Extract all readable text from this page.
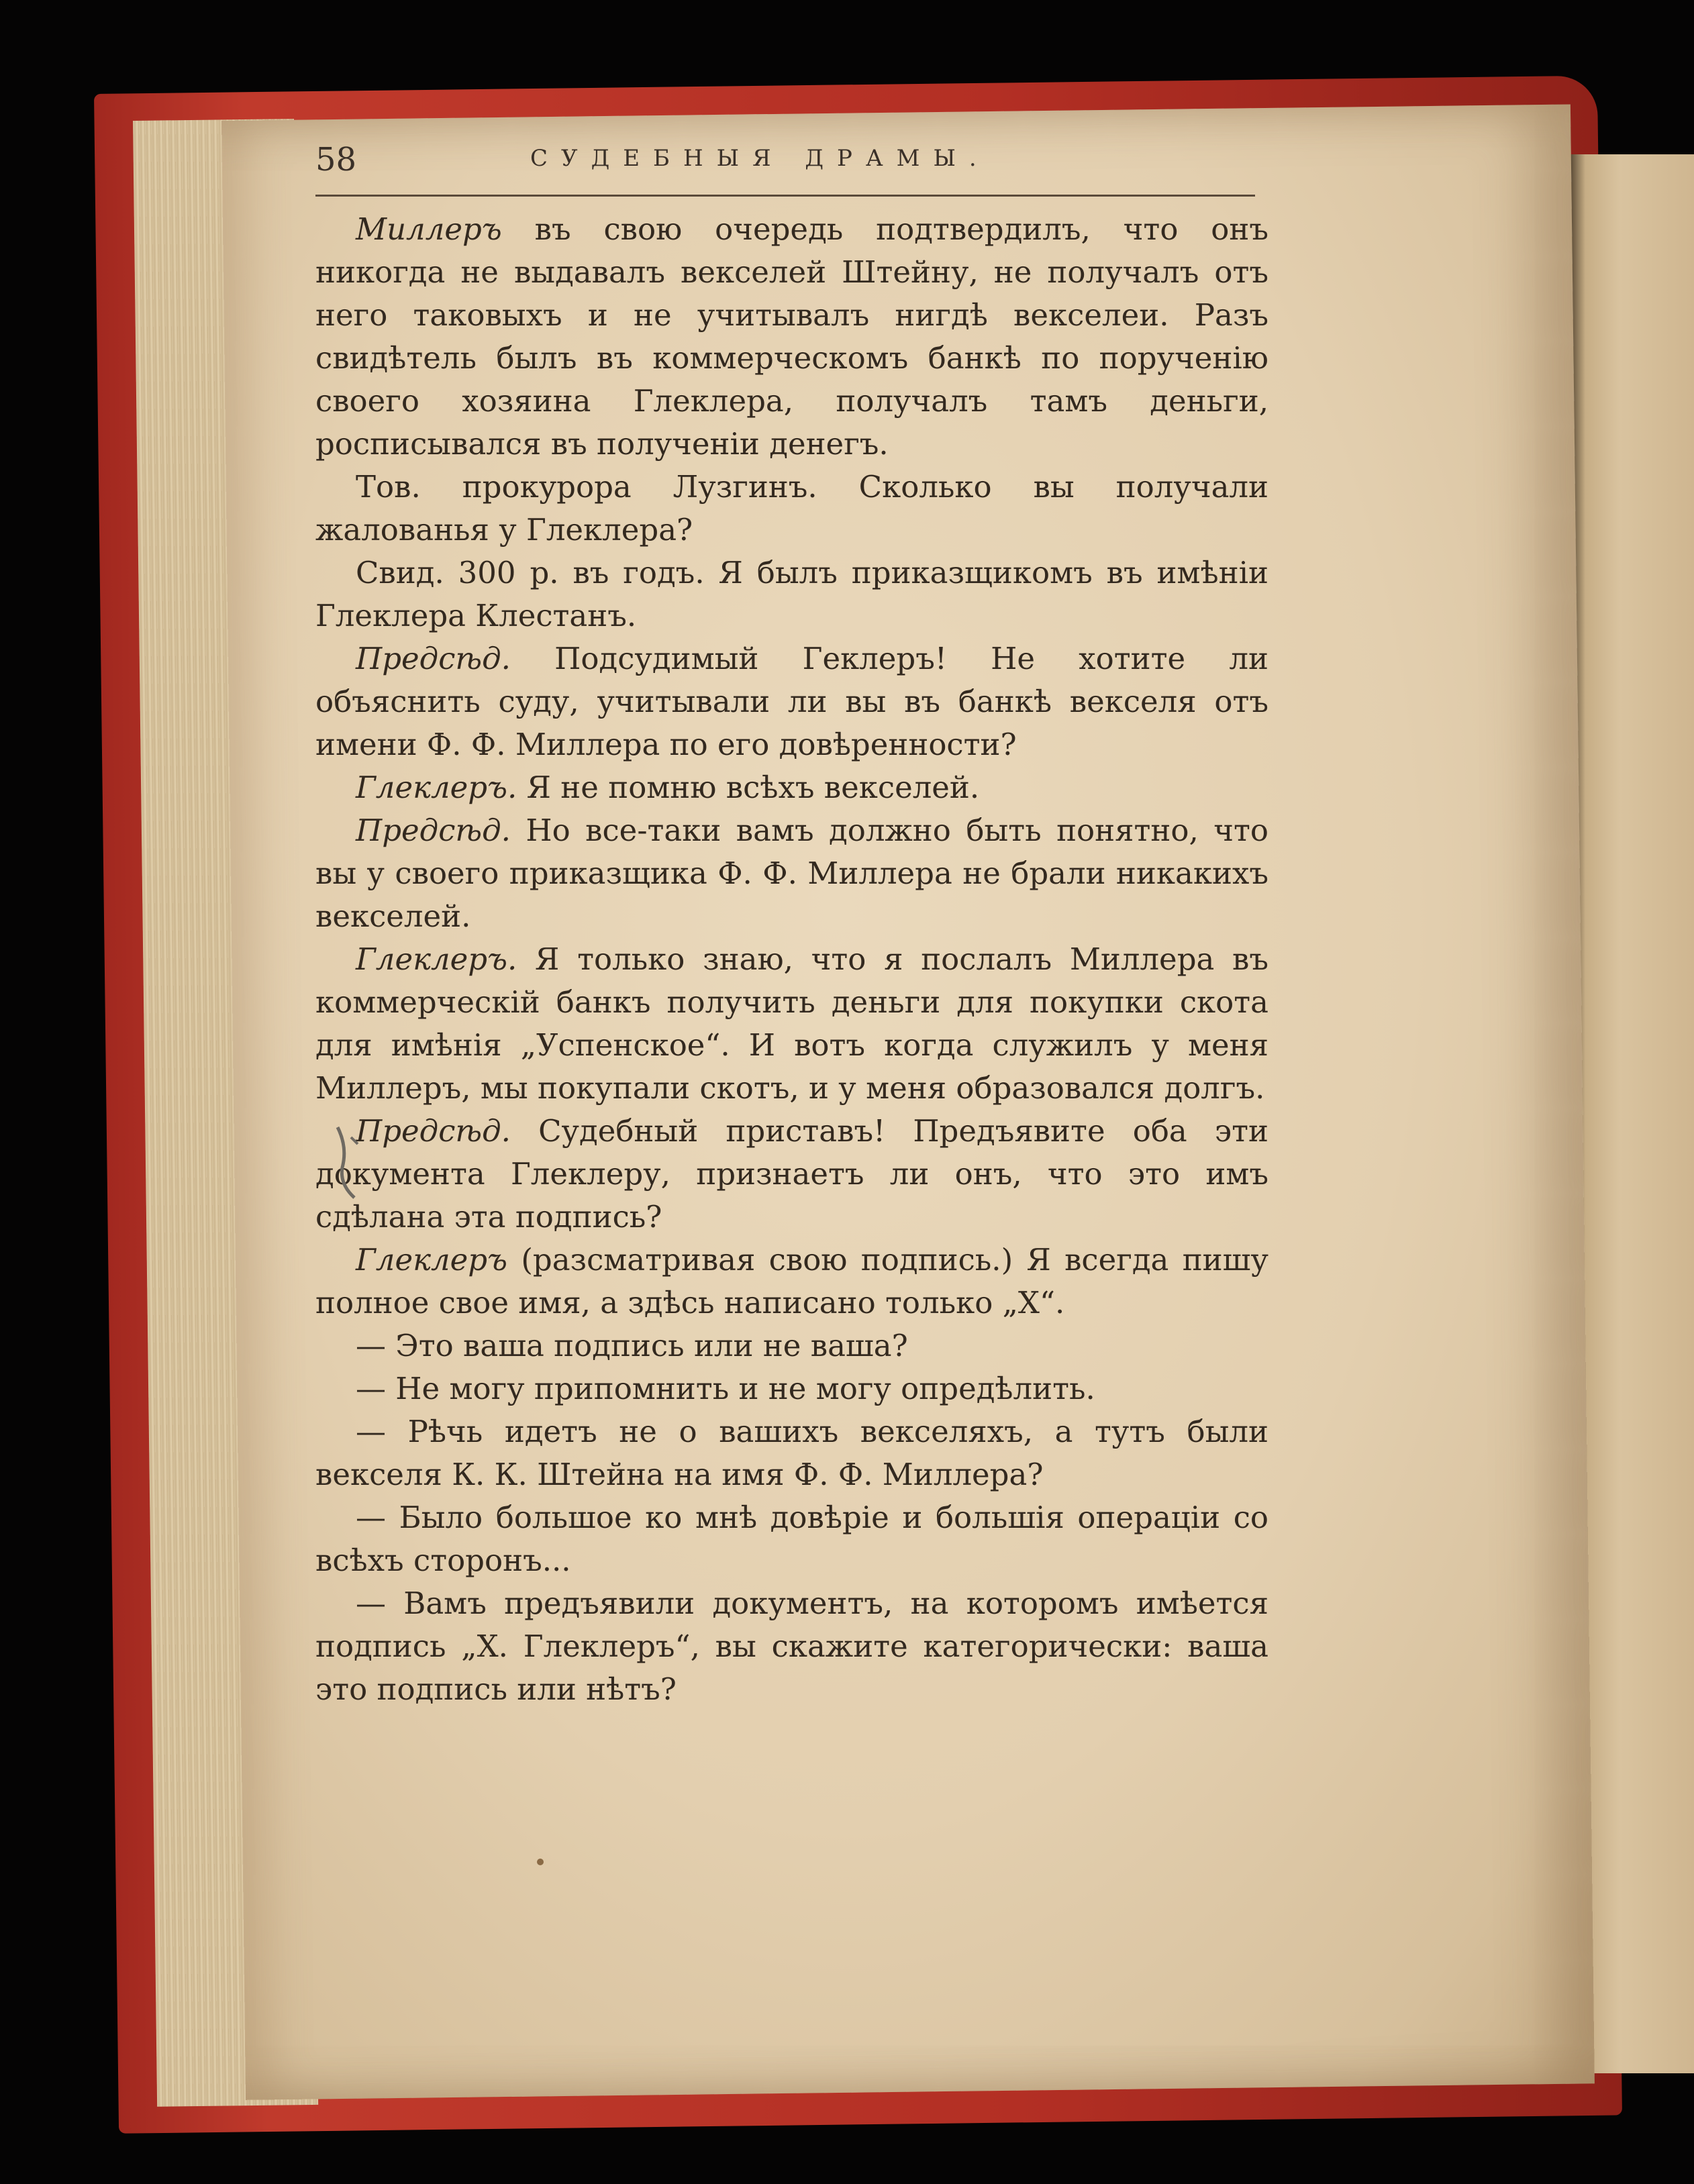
58	СУДЕБНЫЯ ДРАМЫ.

Миллеръ въ свою очередь подтвердилъ, что онъ никогда не выдавалъ векселей Штейну, не получалъ отъ него таковыхъ и не учитывалъ нигдѣ векселеи. Разъ свидѣтель былъ въ коммерческомъ банкѣ по порученiю своего хозяина Глеклера, получалъ тамъ деньги, росписывался въ полученiи денегъ.

Тов. прокурора Лузгинъ. Сколько вы получали жалованья у Глеклера?

Свид. 300 р. въ годъ. Я былъ приказщикомъ въ имѣнiи Глеклера Клестанъ.

Предсѣд. Подсудимый Геклеръ! Не хотите ли объяснить суду, учитывали ли вы въ банкѣ векселя отъ имени Ф. Ф. Миллера по его довѣренности?

Глеклеръ. Я не помню всѣхъ векселей.

Предсѣд. Но все-таки вамъ должно быть понятно, что вы у своего приказщика Ф. Ф. Миллера не брали никакихъ векселей.

Глеклеръ. Я только знаю, что я послалъ Миллера въ коммерческiй банкъ получить деньги для покупки скота для имѣнiя „Успенское“. И вотъ когда служилъ у меня Миллеръ, мы покупали скотъ, и у меня образовался долгъ.

Предсѣд. Судебный приставъ! Предъявите оба эти документа Глеклеру, признаетъ ли онъ, что это имъ сдѣлана эта подпись?

Глеклеръ (разсматривая свою подпись.) Я всегда пишу полное свое имя, а здѣсь написано только „Х“.

— Это ваша подпись или не ваша?

— Не могу припомнить и не могу опредѣлить.

— Рѣчь идетъ не о вашихъ векселяхъ, а тутъ были векселя К. К. Штейна на имя Ф. Ф. Миллера?

— Было большое ко мнѣ довѣрiе и большiя операцiи со всѣхъ сторонъ...

— Вамъ предъявили документъ, на которомъ имѣется подпись „Х. Глеклеръ“, вы скажите категорически: ваша это подпись или нѣтъ?
